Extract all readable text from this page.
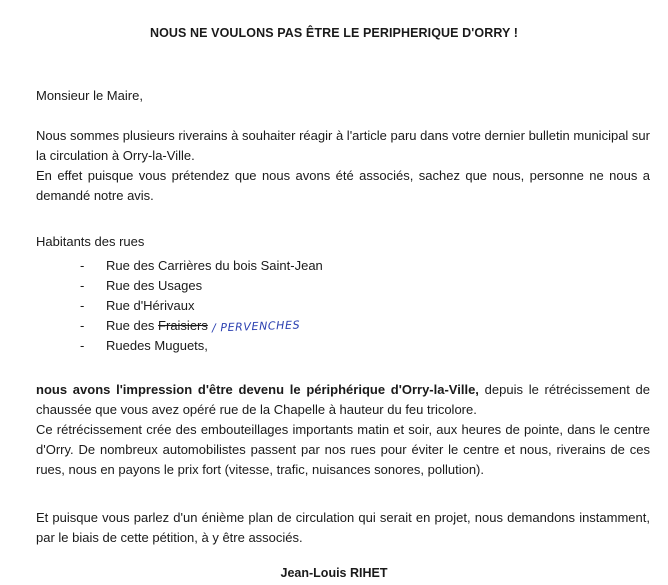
NOUS NE VOULONS PAS ÊTRE LE PERIPHERIQUE D'ORRY !
Monsieur le Maire,
Nous sommes plusieurs riverains à souhaiter réagir à l'article paru dans votre dernier bulletin municipal sur la circulation à Orry-la-Ville.
En effet puisque vous prétendez que nous avons été associés, sachez que nous, personne ne nous a demandé notre avis.
Habitants des rues
- Rue des Carrières du bois Saint-Jean
- Rue des Usages
- Rue d'Hérivaux
- Rue des Fraisiers / PERVENCHES
- Ruedes Muguets,
nous avons l'impression d'être devenu le périphérique d'Orry-la-Ville, depuis le rétrécissement de chaussée que vous avez opéré rue de la Chapelle à hauteur du feu tricolore.
Ce rétrécissement crée des embouteillages importants matin et soir, aux heures de pointe, dans le centre d'Orry. De nombreux automobilistes passent par nos rues pour éviter le centre et nous, riverains de ces rues, nous en payons le prix fort (vitesse, trafic, nuisances sonores, pollution).
Et puisque vous parlez d'un énième plan de circulation qui serait en projet, nous demandons instamment, par le biais de cette pétition, à y être associés.
Jean-Louis RIHET
